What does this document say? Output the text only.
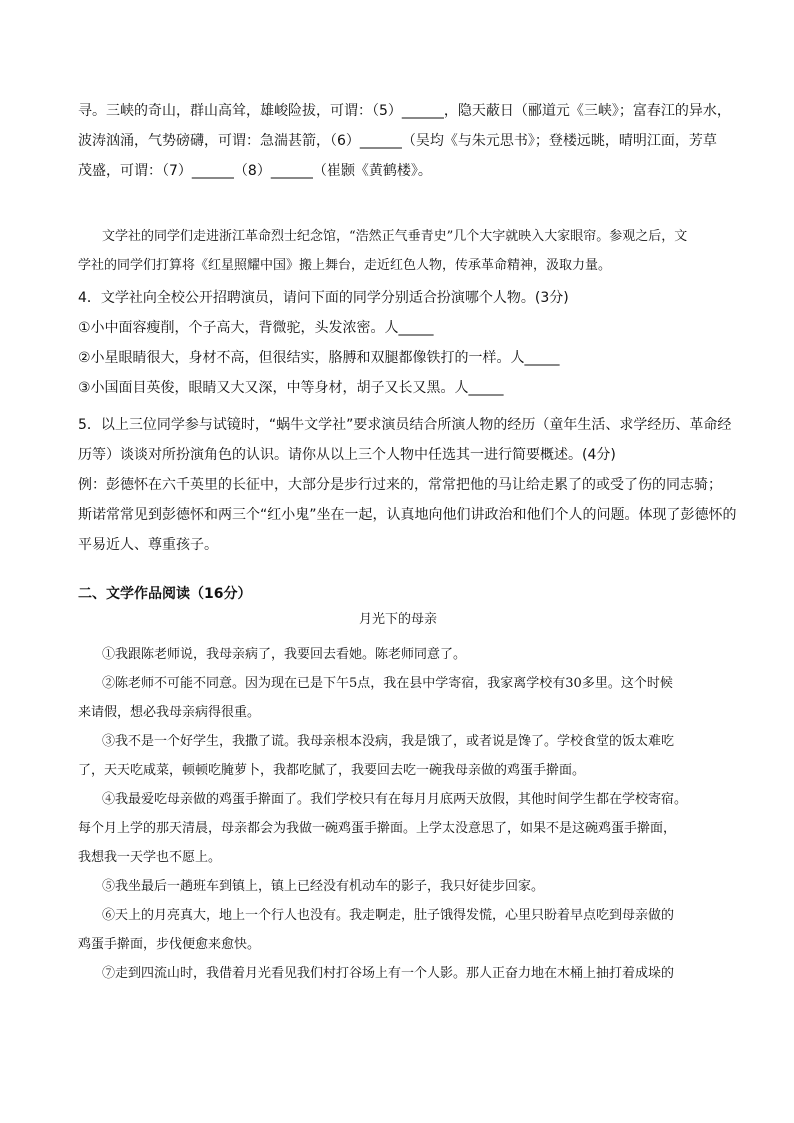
寻。三峡的奇山，群山高耸，雄峻险拔，可谓：（5）______，隐天蔽日（郦道元《三峡》；富春江的异水，
波涛汹涌，气势磅礴，可谓：急湍甚箭，（6）______（吴均《与朱元思书》；登楼远眺，晴明江面，芳草
茂盛，可谓：（7）______（8）______（崔颢《黄鹤楼》。
文学社的同学们走进浙江革命烈士纪念馆，“浩然正气垂青史”几个大字就映入大家眼帘。参观之后，文
学社的同学们打算将《红星照耀中国》搬上舞台，走近红色人物，传承革命精神，汲取力量。
4．文学社向全校公开招聘演员，请问下面的同学分别适合扮演哪个人物。(3分)
①小中面容瘦削，个子高大，背微驼，头发浓密。人_____
②小星眼睛很大，身材不高，但很结实，胳膊和双腿都像铁打的一样。人_____
③小国面目英俊，眼睛又大又深，中等身材，胡子又长又黑。人_____
5．以上三位同学参与试镜时，“蜗牛文学社”要求演员结合所演人物的经历（童年生活、求学经历、革命经
历等）谈谈对所扮演角色的认识。请你从以上三个人物中任选其一进行简要概述。(4分)
例：彭德怀在六千英里的长征中，大部分是步行过来的，常常把他的马让给走累了的或受了伤的同志骑；
斯诺常常见到彭德怀和两三个“红小鬼”坐在一起，认真地向他们讲政治和他们个人的问题。体现了彭德怀的
平易近人、尊重孩子。
二、文学作品阅读（16分）
月光下的母亲
①我跟陈老师说，我母亲病了，我要回去看她。陈老师同意了。
②陈老师不可能不同意。因为现在已是下午5点，我在县中学寄宿，我家离学校有30多里。这个时候
来请假，想必我母亲病得很重。
③我不是一个好学生，我撒了谎。我母亲根本没病，我是饿了，或者说是馋了。学校食堂的饭太难吃
了，天天吃咸菜，顿顿吃腌萝卜，我都吃腻了，我要回去吃一碗我母亲做的鸡蛋手擀面。
④我最爱吃母亲做的鸡蛋手擀面了。我们学校只有在每月月底两天放假，其他时间学生都在学校寄宿。
每个月上学的那天清晨，母亲都会为我做一碗鸡蛋手擀面。上学太没意思了，如果不是这碗鸡蛋手擀面，
我想我一天学也不愿上。
⑤我坐最后一趟班车到镇上，镇上已经没有机动车的影子，我只好徒步回家。
⑥天上的月亮真大，地上一个行人也没有。我走啊走，肚子饿得发慌，心里只盼着早点吃到母亲做的
鸡蛋手擀面，步伐便愈来愈快。
⑦走到四流山时，我借着月光看见我们村打谷场上有一个人影。那人正奋力地在木桶上抽打着成垛的
